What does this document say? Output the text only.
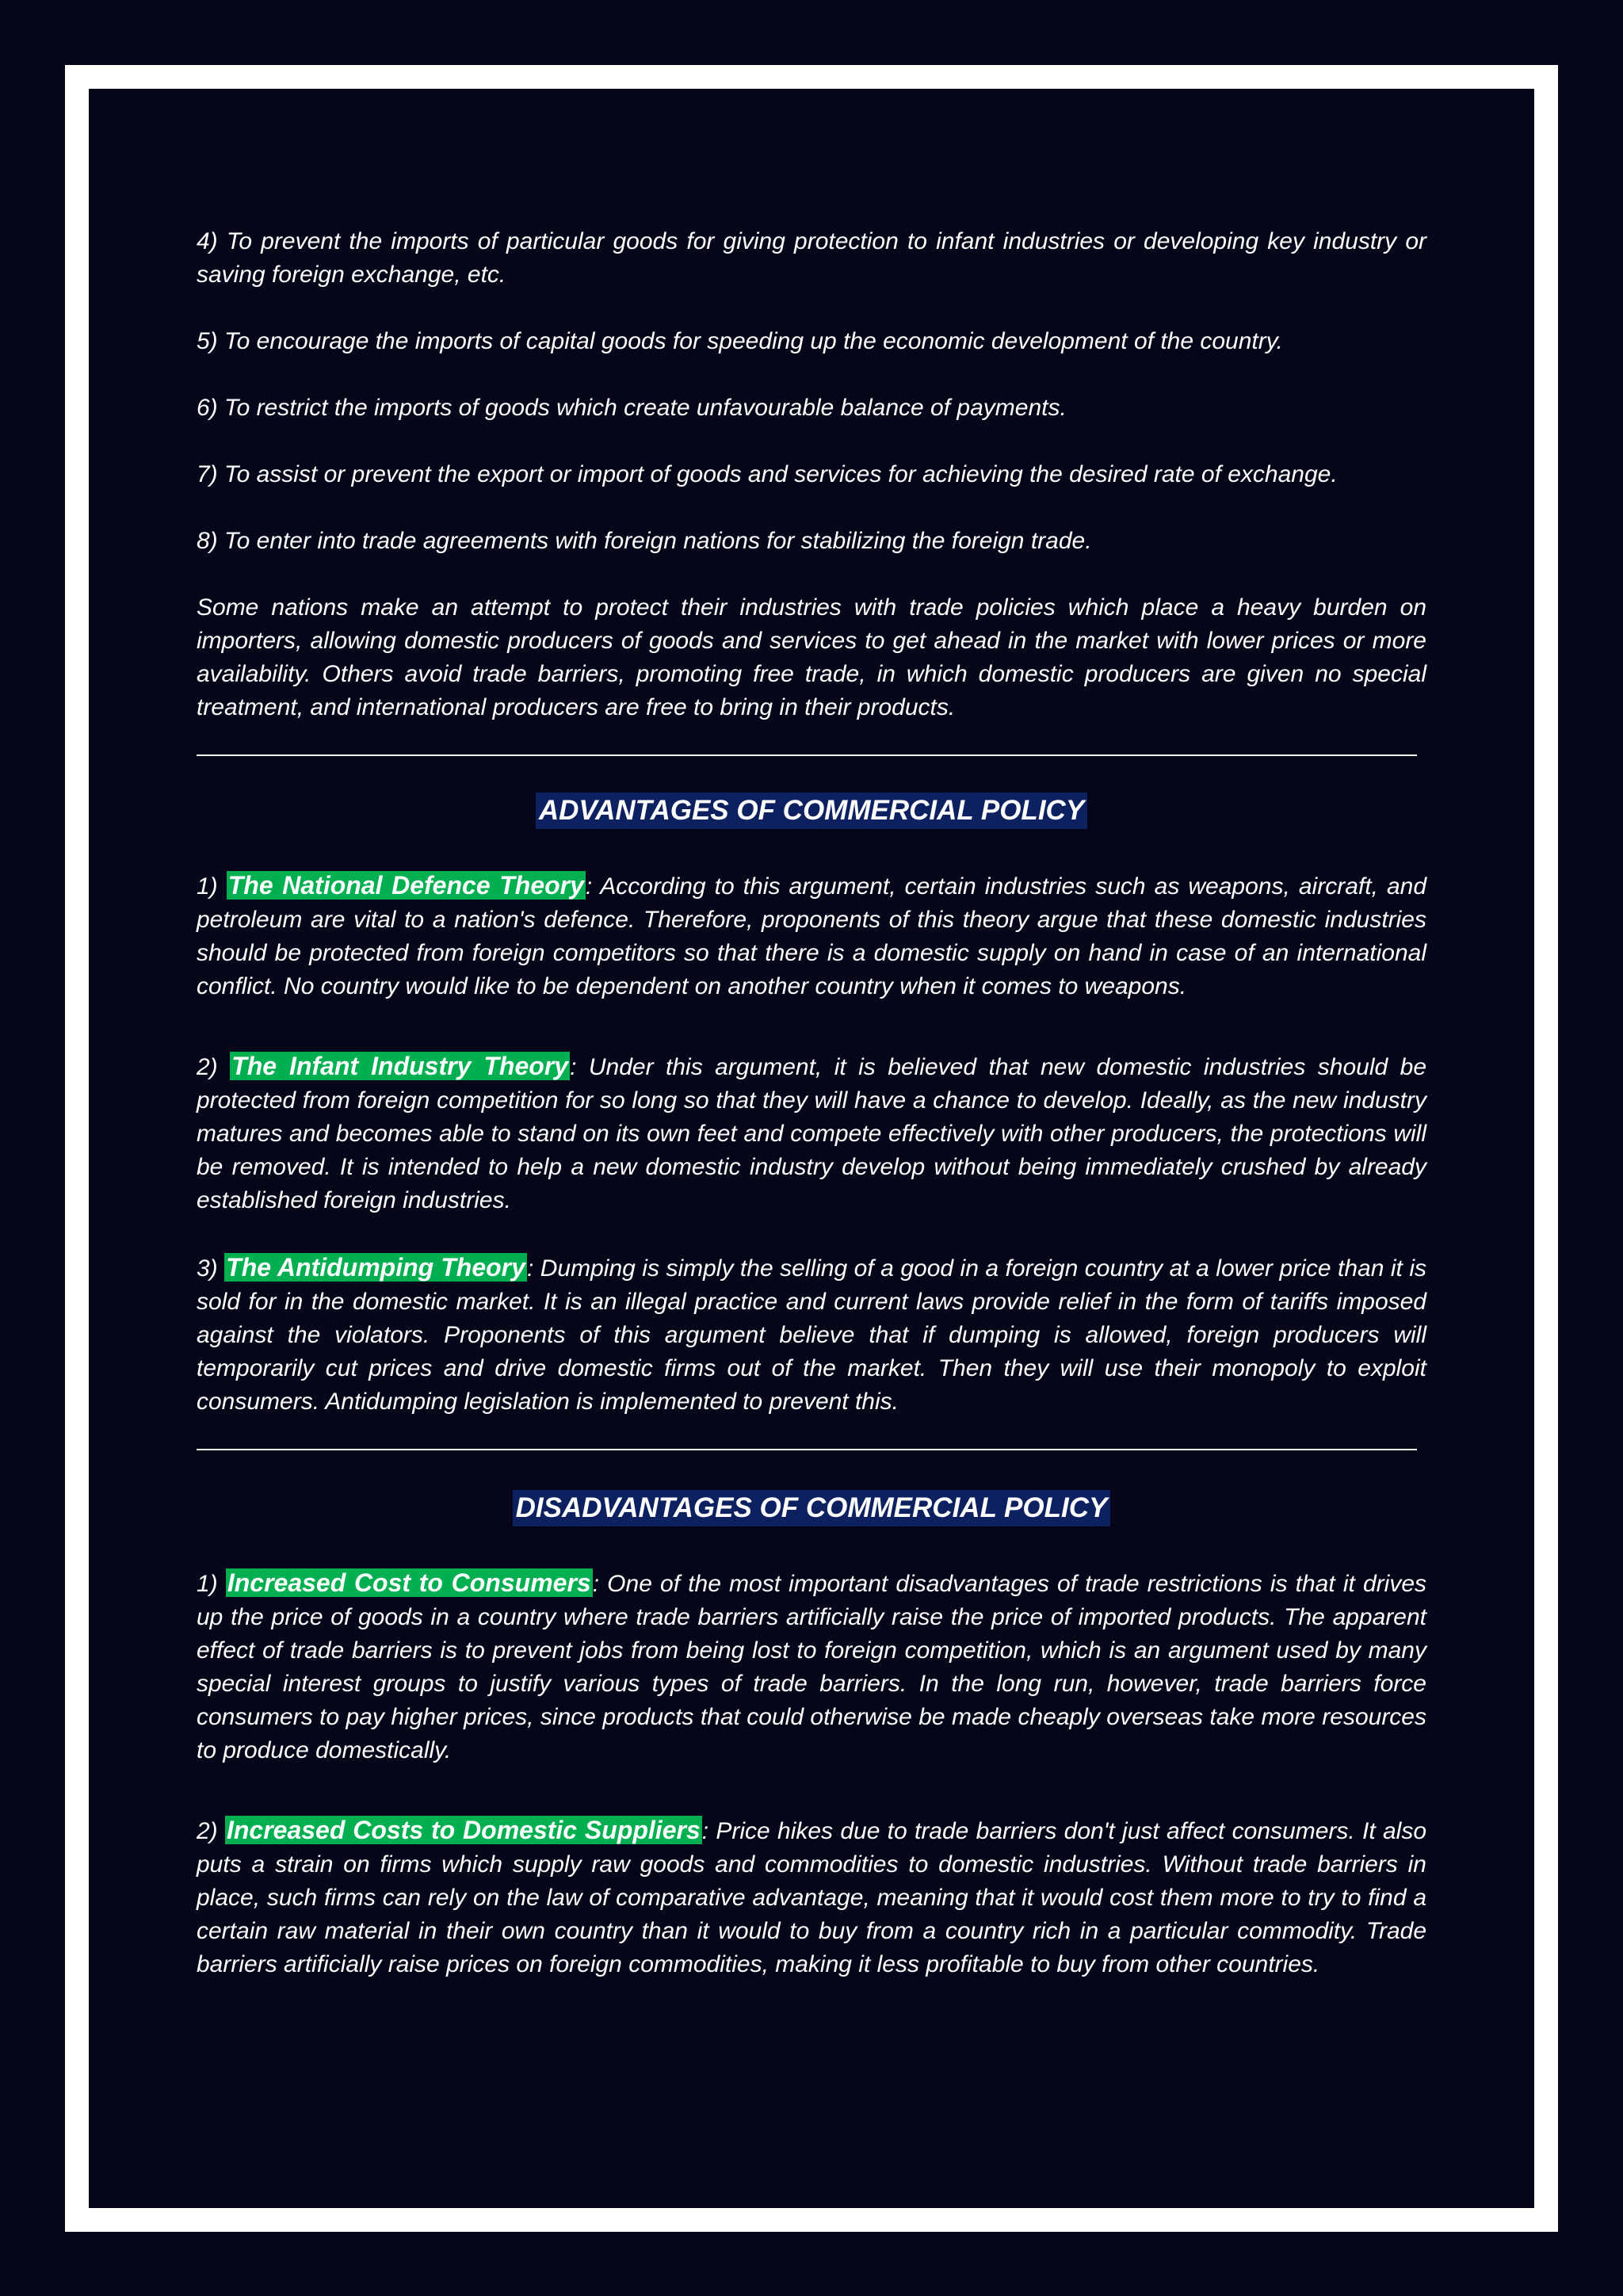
4) To prevent the imports of particular goods for giving protection to infant industries or developing key industry or saving foreign exchange, etc.

5) To encourage the imports of capital goods for speeding up the economic development of the country.

6) To restrict the imports of goods which create unfavourable balance of payments.

7) To assist or prevent the export or import of goods and services for achieving the desired rate of exchange.

8) To enter into trade agreements with foreign nations for stabilizing the foreign trade.

Some nations make an attempt to protect their industries with trade policies which place a heavy burden on importers, allowing domestic producers of goods and services to get ahead in the market with lower prices or more availability. Others avoid trade barriers, promoting free trade, in which domestic producers are given no special treatment, and international producers are free to bring in their products.

ADVANTAGES OF COMMERCIAL POLICY

1) The National Defence Theory: According to this argument, certain industries such as weapons, aircraft, and petroleum are vital to a nation's defence. Therefore, proponents of this theory argue that these domestic industries should be protected from foreign competitors so that there is a domestic supply on hand in case of an international conflict. No country would like to be dependent on another country when it comes to weapons.

2) The Infant Industry Theory: Under this argument, it is believed that new domestic industries should be protected from foreign competition for so long so that they will have a chance to develop. Ideally, as the new industry matures and becomes able to stand on its own feet and compete effectively with other producers, the protections will be removed. It is intended to help a new domestic industry develop without being immediately crushed by already established foreign industries.

3) The Antidumping Theory: Dumping is simply the selling of a good in a foreign country at a lower price than it is sold for in the domestic market. It is an illegal practice and current laws provide relief in the form of tariffs imposed against the violators. Proponents of this argument believe that if dumping is allowed, foreign producers will temporarily cut prices and drive domestic firms out of the market. Then they will use their monopoly to exploit consumers. Antidumping legislation is implemented to prevent this.

DISADVANTAGES OF COMMERCIAL POLICY

1) Increased Cost to Consumers: One of the most important disadvantages of trade restrictions is that it drives up the price of goods in a country where trade barriers artificially raise the price of imported products. The apparent effect of trade barriers is to prevent jobs from being lost to foreign competition, which is an argument used by many special interest groups to justify various types of trade barriers. In the long run, however, trade barriers force consumers to pay higher prices, since products that could otherwise be made cheaply overseas take more resources to produce domestically.

2) Increased Costs to Domestic Suppliers: Price hikes due to trade barriers don't just affect consumers. It also puts a strain on firms which supply raw goods and commodities to domestic industries. Without trade barriers in place, such firms can rely on the law of comparative advantage, meaning that it would cost them more to try to find a certain raw material in their own country than it would to buy from a country rich in a particular commodity. Trade barriers artificially raise prices on foreign commodities, making it less profitable to buy from other countries.
